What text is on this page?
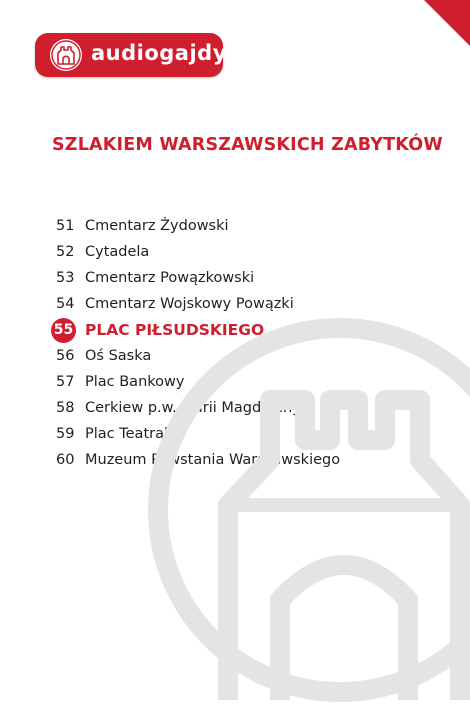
audiogajdy
SZLAKIEM WARSZAWSKICH ZABYTKÓW
51 Cmentarz Żydowski
52 Cytadela
53 Cmentarz Powązkowski
54 Cmentarz Wojskowy Powązki
55 PLAC PIŁSUDSKIEGO
56 Oś Saska
57 Plac Bankowy
58 Cerkiew p.w. Marii Magdaleny
59 Plac Teatralny
60 Muzeum Powstania Warszawskiego
